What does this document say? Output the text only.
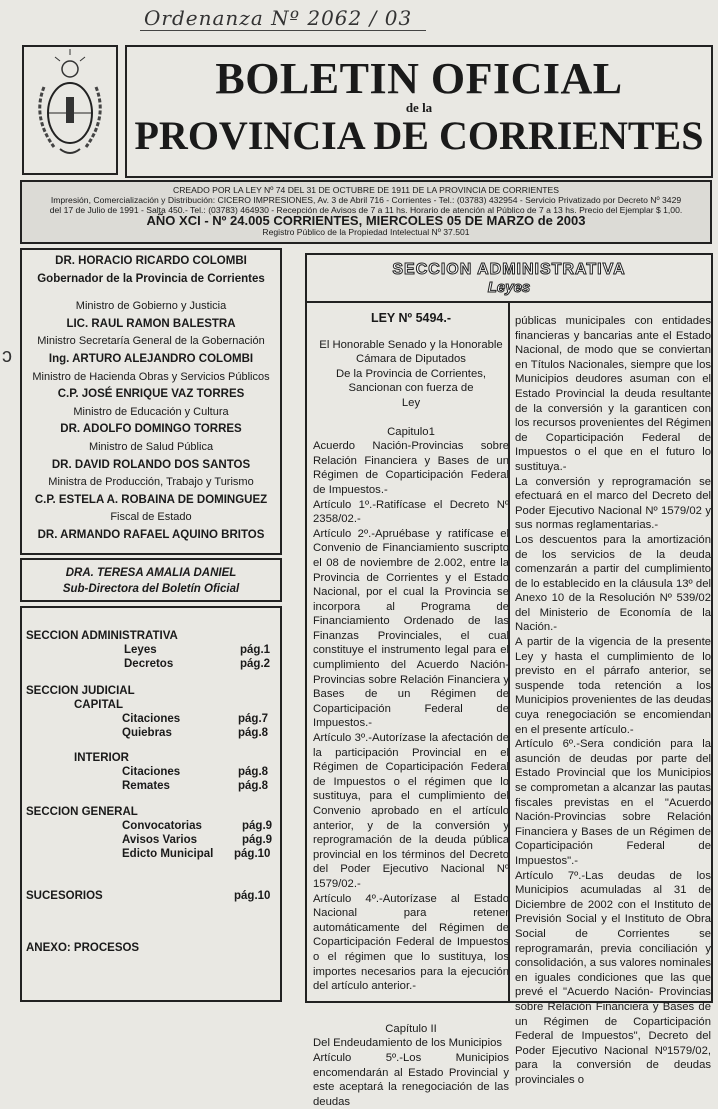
Ordenanza Nº 2062 / 03
BOLETIN OFICIAL
de la
PROVINCIA DE CORRIENTES
CREADO POR LA LEY Nº 74 DEL 31 DE OCTUBRE DE 1911 DE LA PROVINCIA DE CORRIENTES
Impresión, Comercialización y Distribución: CICERO IMPRESIONES, Av. 3 de Abril 716 - Corrientes - Tel.: (03783) 432954 - Servicio Privatizado por Decreto Nº 3429
del 17 de Julio de 1991 - Salta 450.- Tel.: (03783) 464930 - Recepción de Avisos de 7 a 11 hs. Horario de atención al Público de 7 a 13 hs. Precio del Ejemplar $ 1,00.
AÑO XCI - Nº 24.005 CORRIENTES, MIERCOLES 05 DE MARZO de 2003
Registro Público de la Propiedad Intelectual Nº 37.501
DR. HORACIO RICARDO COLOMBI
Gobernador de la Provincia de Corrientes
Ministro de Gobierno y Justicia
LIC. RAUL RAMON BALESTRA
Ministro Secretaría General de la Gobernación
Ing. ARTURO ALEJANDRO COLOMBI
Ministro de Hacienda Obras y Servicios Públicos
C.P. JOSÉ ENRIQUE VAZ TORRES
Ministro de Educación y Cultura
DR. ADOLFO DOMINGO TORRES
Ministro de Salud Pública
DR. DAVID ROLANDO DOS SANTOS
Ministra de Producción, Trabajo y Turismo
C.P. ESTELA A. ROBAINA DE DOMINGUEZ
Fiscal de Estado
DR. ARMANDO RAFAEL AQUINO BRITOS
DRA. TERESA AMALIA DANIEL
Sub-Directora del Boletín Oficial
SECCION ADMINISTRATIVA
Leyes	pág.1
Decretos	pág.2
SECCION JUDICIAL
CAPITAL
Citaciones	pág.7
Quiebras	pág.8
INTERIOR
Citaciones	pág.8
Remates	pág.8
SECCION GENERAL
Convocatorias	pág.9
Avisos Varios	pág.9
Edicto Municipal pág.10
SUCESORIOS	pág.10
ANEXO: PROCESOS
SECCION ADMINISTRATIVA
Leyes

LEY Nº 5494.-

El Honorable Senado y la Honorable
Cámara de Diputados
De la Provincia de Corrientes,
Sancionan con fuerza de
Ley

Capitulo1

Acuerdo Nación-Provincias sobre Relación Financiera y Bases de un Régimen de Coparticipación Federal de Impuestos.-

Artículo 1º.-Ratifícase el Decreto Nº 2358/02.-

Artículo 2º.-Apruébase y ratifícase el Convenio de Financiamiento suscripto el 08 de noviembre de 2.002, entre la Provincia de Corrientes y el Estado Nacional, por el cual la Provincia se incorpora al Programa de Financiamiento Ordenado de las Finanzas Provinciales, el cual constituye el instrumento legal para el cumplimiento del Acuerdo Nación-Provincias sobre Relación Financiera y Bases de un Régimen de Coparticipación Federal de Impuestos.-

Artículo 3º.-Autorízase la afectación de la participación Provincial en el Régimen de Coparticipación Federal de Impuestos o el régimen que lo sustituya, para el cumplimiento del Convenio aprobado en el artículo anterior, y de la conversión y reprogramación de la deuda pública provincial en los términos del Decreto del Poder Ejecutivo Nacional Nº 1579/02.-

Artículo 4º.-Autorízase al Estado Nacional para retener automáticamente del Régimen de Coparticipación Federal de Impuestos o el régimen que lo sustituya, los importes necesarios para la ejecución del artículo anterior.-

Capítulo II

Del Endeudamiento de los Municipios

Artículo 5º.-Los Municipios encomendarán al Estado Provincial y este aceptará la renegociación de las deudas

públicas municipales con entidades financieras y bancarias ante el Estado Nacional, de modo que se conviertan en Títulos Nacionales, siempre que los Municipios deudores asuman con el Estado Provincial la deuda resultante de la conversión y la garanticen con los recursos provenientes del Régimen de Coparticipación Federal de Impuestos o el que en el futuro lo sustituya.-

La conversión y reprogramación se efectuará en el marco del Decreto del Poder Ejecutivo Nacional Nº 1579/02 y sus normas reglamentarias.-

Los descuentos para la amortización de los servicios de la deuda comenzarán a partir del cumplimiento de lo establecido en la cláusula 13º del Anexo 10 de la Resolución Nº 539/02 del Ministerio de Economía de la Nación.-

A partir de la vigencia de la presente Ley y hasta el cumplimiento de lo previsto en el párrafo anterior, se suspende toda retención a los Municipios provenientes de las deudas cuya renegociación se encomiendan en el presente artículo.-

Artículo 6º.-Sera condición para la asunción de deudas por parte del Estado Provincial que los Municipios se comprometan a alcanzar las pautas fiscales previstas en el "Acuerdo Nación-Provincias sobre Relación Financiera y Bases de un Régimen de Coparticipación Federal de Impuestos".-

Artículo 7º.-Las deudas de los Municipios acumuladas al 31 de Diciembre de 2002 con el Instituto de Previsión Social y el Instituto de Obra Social de Corrientes se reprogramarán, previa conciliación y consolidación, a sus valores nominales en iguales condiciones que las que prevé el "Acuerdo Nación- Provincias sobre Relación Financiera y Bases de un Régimen de Coparticipación Federal de Impuestos", Decreto del Poder Ejecutivo Nacional Nº1579/02, para la conversión de deudas provinciales o

ͻ
